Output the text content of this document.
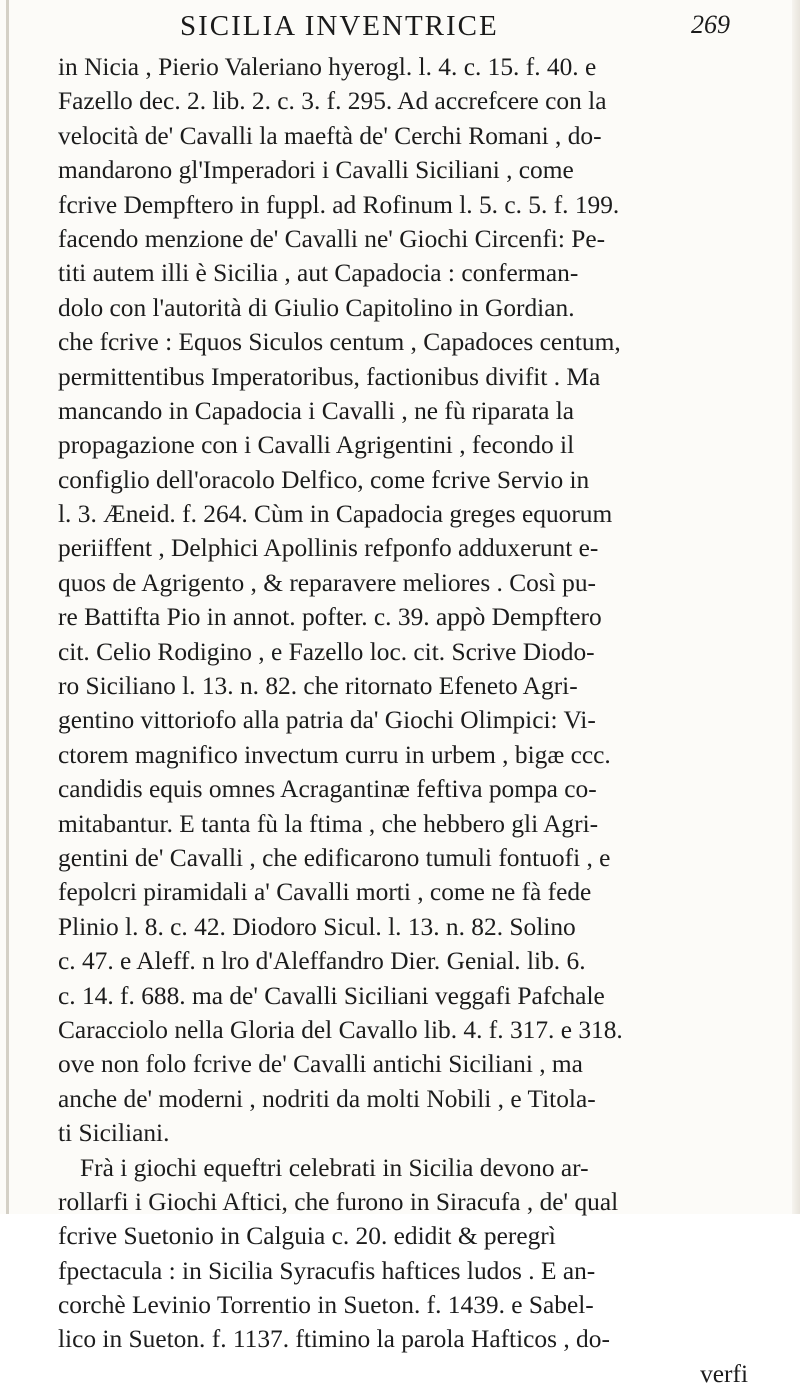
SICILIA INVENTRICE	269
in Nicia , Pierio Valeriano hyerogl. l. 4. c. 15. f. 40. e
Fazello dec. 2. lib. 2. c. 3. f. 295. Ad accrefcere con la
velocità de' Cavalli la maeftà de' Cerchi Romani , do-
mandarono gl'Imperadori i Cavalli Siciliani , come
fcrive Dempftero in fuppl. ad Rofinum l. 5. c. 5. f. 199.
facendo menzione de' Cavalli ne' Giochi Circenfi: Pe-
titi autem illi è Sicilia , aut Capadocia : conferman-
dolo con l'autorità di Giulio Capitolino in Gordian.
che fcrive : Equos Siculos centum , Capadoces centum,
permittentibus Imperatoribus, factionibus divifit . Ma
mancando in Capadocia i Cavalli , ne fù riparata la
propagazione con i Cavalli Agrigentini , fecondo il
configlio dell'oracolo Delfico, come fcrive Servio in
l. 3. Æneid. f. 264. Cùm in Capadocia greges equorum
periiffent , Delphici Apollinis refponfo adduxerunt e-
quos de Agrigento , & reparavere meliores . Così pu-
re Battifta Pio in annot. pofter. c. 39. appò Dempftero
cit. Celio Rodigino , e Fazello loc. cit. Scrive Diodo-
ro Siciliano l. 13. n. 82. che ritornato Efeneto Agri-
gentino vittoriofo alla patria da' Giochi Olimpici: Vi-
ctorem magnifico invectum curru in urbem , bigæ ccc.
candidis equis omnes Acragantinæ feftiva pompa co-
mitabantur. E tanta fù la ftima , che hebbero gli Agri-
gentini de' Cavalli , che edificarono tumuli fontuofi , e
fepolcri piramidali a' Cavalli morti , come ne fà fede
Plinio l. 8. c. 42. Diodoro Sicul. l. 13. n. 82. Solino
c. 47. e Aleff. n lro d'Aleffandro Dier. Genial. lib. 6.
c. 14. f. 688. ma de' Cavalli Siciliani veggafi Pafchale
Caracciolo nella Gloria del Cavallo lib. 4. f. 317. e 318.
ove non folo fcrive de' Cavalli antichi Siciliani , ma
anche de' moderni , nodriti da molti Nobili , e Titola-
ti Siciliani.
Frà i giochi equeftri celebrati in Sicilia devono ar-
rollarfi i Giochi Aftici, che furono in Siracufa , de' qual
fcrive Suetonio in Calguia c. 20. edidit & peregrì
fpectacula : in Sicilia Syracufis haftices ludos . E an-
corchè Levinio Torrentio in Sueton. f. 1439. e Sabel-
lico in Sueton. f. 1137. ftimino la parola Hafticos , do-
verfi
